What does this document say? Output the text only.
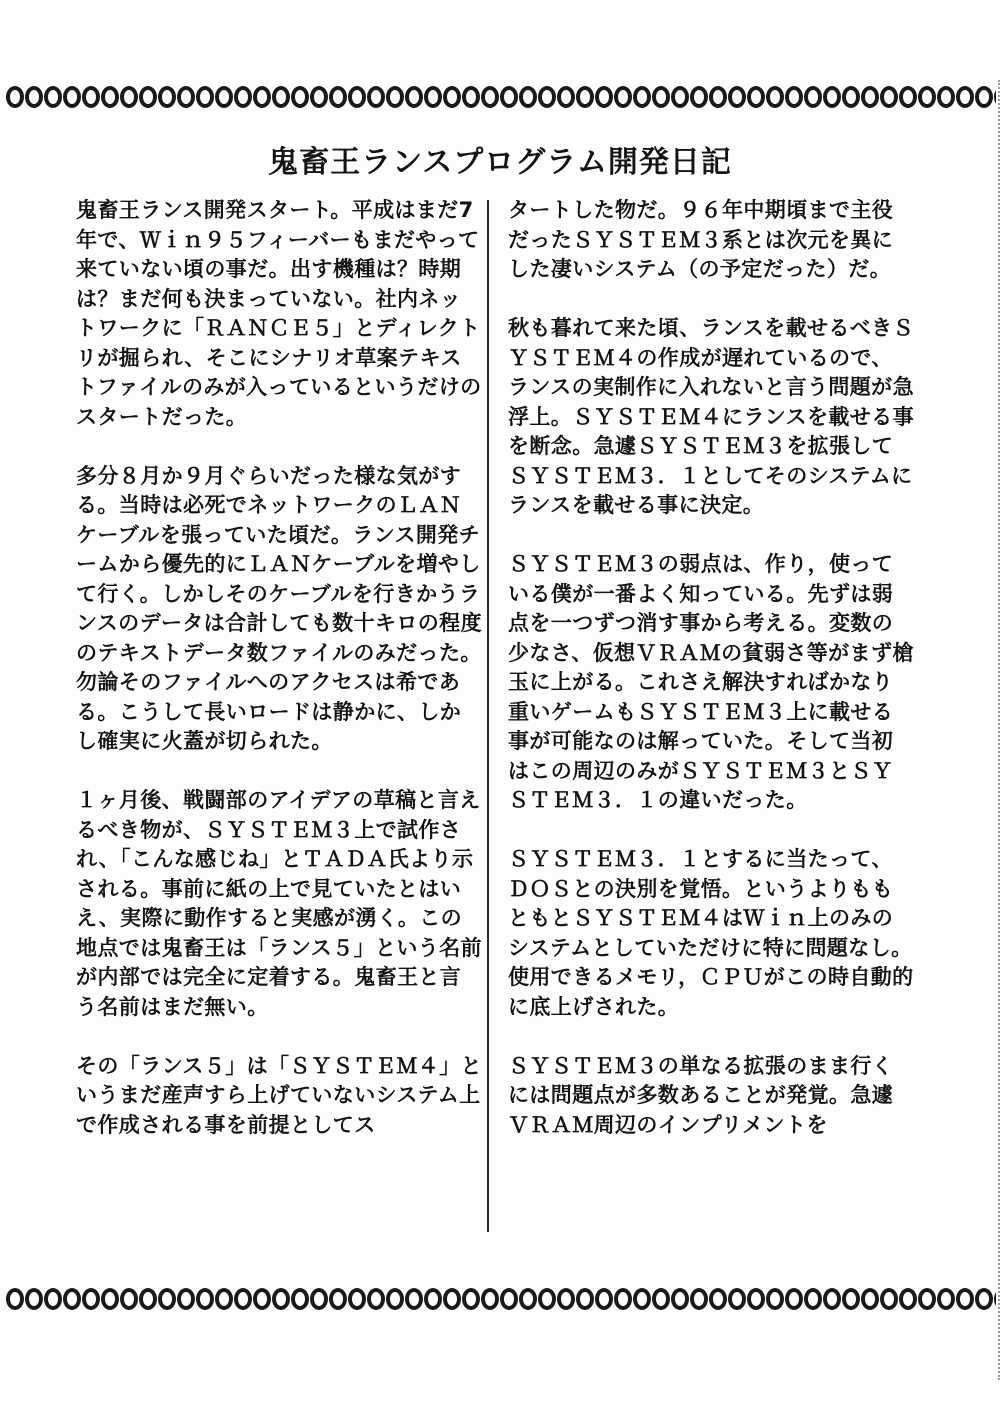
鬼畜王ランスプログラム開発日記

鬼畜王ランス開発スタート。平成はまだ7年で、Ｗｉｎ９５フィーバーもまだやって来ていない頃の事だ。出す機種は？時期は？まだ何も決まっていない。社内ネットワークに「ＲＡＮＣＥ５」とディレクトリが掘られ、そこにシナリオ草案テキストファイルのみが入っているというだけのスタートだった。

多分８月か９月ぐらいだった様な気がする。当時は必死でネットワークのＬＡＮケーブルを張っていた頃だ。ランス開発チームから優先的にＬＡＮケーブルを増やして行く。しかしそのケーブルを行きかうランスのデータは合計しても数十キロの程度のテキストデータ数ファイルのみだった。勿論そのファイルへのアクセスは希である。こうして長いロードは静かに、しかし確実に火蓋が切られた。

１ヶ月後、戦闘部のアイデアの草稿と言えるべき物が、ＳＹＳＴＥＭ３上で試作され、「こんな感じね」とＴＡＤＡ氏より示される。事前に紙の上で見ていたとはいえ、実際に動作すると実感が湧く。この地点では鬼畜王は「ランス５」という名前が内部では完全に定着する。鬼畜王と言う名前はまだ無い。

その「ランス５」は「ＳＹＳＴＥＭ４」というまだ産声すら上げていないシステム上で作成される事を前提としてス

タートした物だ。９６年中期頃まで主役だったＳＹＳＴＥＭ３系とは次元を異にした凄いシステム（の予定だった）だ。

秋も暮れて来た頃、ランスを載せるべきＳＹＳＴＥＭ４の作成が遅れているので、ランスの実制作に入れないと言う問題が急浮上。ＳＹＳＴＥＭ４にランスを載せる事を断念。急遽ＳＹＳＴＥＭ３を拡張してＳＹＳＴＥＭ３．１としてそのシステムにランスを載せる事に決定。

ＳＹＳＴＥＭ３の弱点は、作り，使っている僕が一番よく知っている。先ずは弱点を一つずつ消す事から考える。変数の少なさ、仮想ＶＲＡＭの貧弱さ等がまず槍玉に上がる。これさえ解決すればかなり重いゲームもＳＹＳＴＥＭ３上に載せる事が可能なのは解っていた。そして当初はこの周辺のみがＳＹＳＴＥＭ３とＳＹＳＴＥＭ３．１の違いだった。

ＳＹＳＴＥＭ３．１とするに当たって、ＤＯＳとの決別を覚悟。というよりももともとＳＹＳＴＥＭ４はＷｉｎ上のみのシステムとしていただけに特に問題なし。使用できるメモリ，ＣＰＵがこの時自動的に底上げされた。

ＳＹＳＴＥＭ３の単なる拡張のまま行くには問題点が多数あることが発覚。急遽ＶＲＡＭ周辺のインプリメントを
